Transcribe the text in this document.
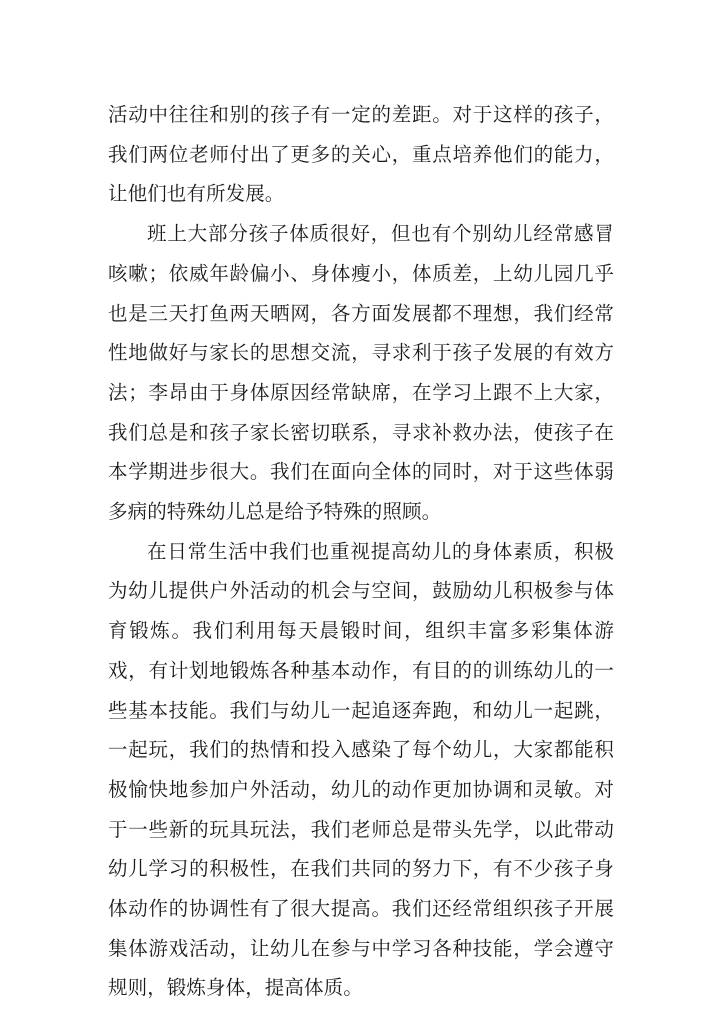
活动中往往和别的孩子有一定的差距。对于这样的孩子，我们两位老师付出了更多的关心，重点培养他们的能力，让他们也有所发展。

班上大部分孩子体质很好，但也有个别幼儿经常感冒咳嗽；依威年龄偏小、身体瘦小，体质差，上幼儿园几乎也是三天打鱼两天晒网，各方面发展都不理想，我们经常性地做好与家长的思想交流，寻求利于孩子发展的有效方法；李昂由于身体原因经常缺席，在学习上跟不上大家，我们总是和孩子家长密切联系，寻求补救办法，使孩子在本学期进步很大。我们在面向全体的同时，对于这些体弱多病的特殊幼儿总是给予特殊的照顾。

在日常生活中我们也重视提高幼儿的身体素质，积极为幼儿提供户外活动的机会与空间，鼓励幼儿积极参与体育锻炼。我们利用每天晨锻时间，组织丰富多彩集体游戏，有计划地锻炼各种基本动作，有目的的训练幼儿的一些基本技能。我们与幼儿一起追逐奔跑，和幼儿一起跳，一起玩，我们的热情和投入感染了每个幼儿，大家都能积极愉快地参加户外活动，幼儿的动作更加协调和灵敏。对于一些新的玩具玩法，我们老师总是带头先学，以此带动幼儿学习的积极性，在我们共同的努力下，有不少孩子身体动作的协调性有了很大提高。我们还经常组织孩子开展集体游戏活动，让幼儿在参与中学习各种技能，学会遵守规则，锻炼身体，提高体质。
